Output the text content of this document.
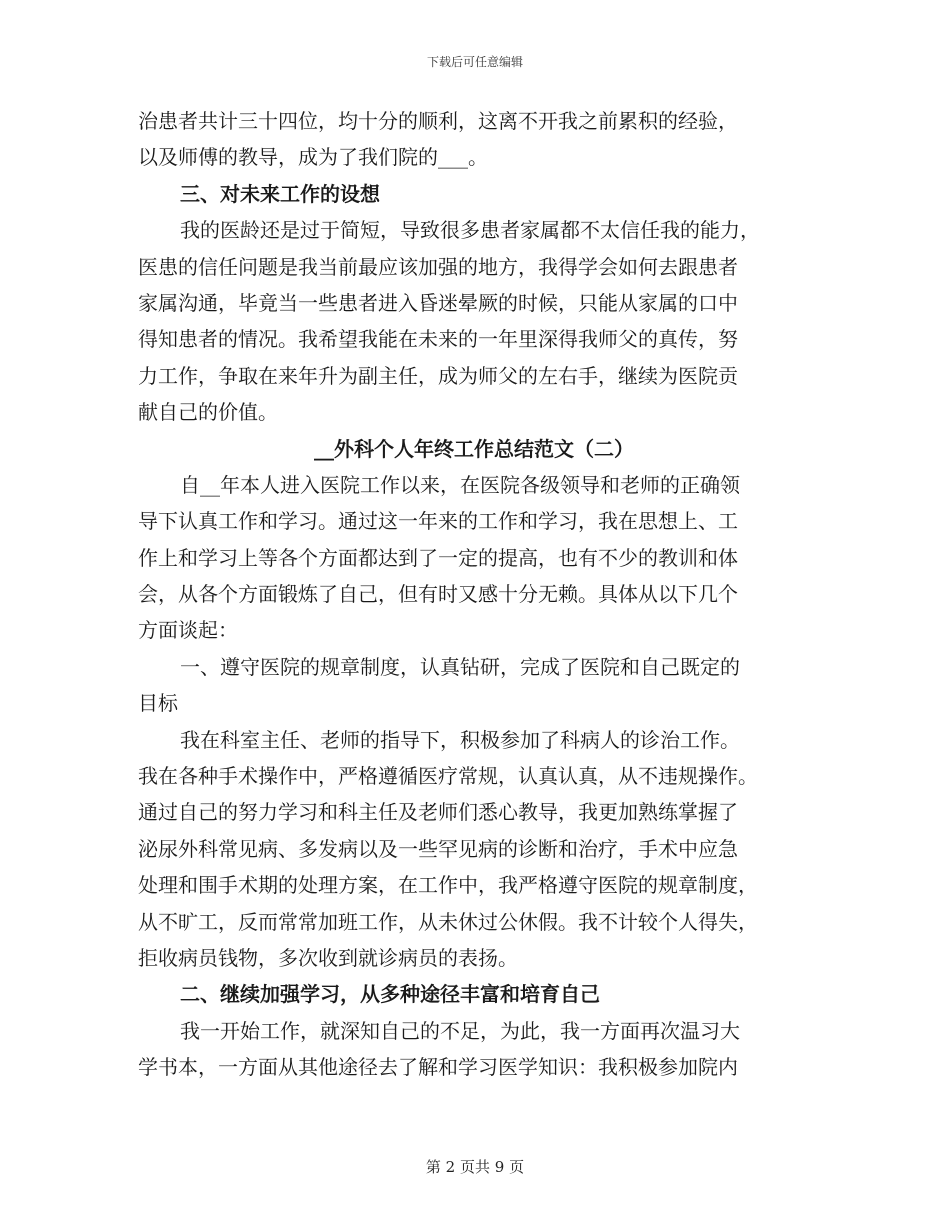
下载后可任意编辑
治患者共计三十四位，均十分的顺利，这离不开我之前累积的经验，
以及师傅的教导，成为了我们院的___。
三、对未来工作的设想
我的医龄还是过于简短，导致很多患者家属都不太信任我的能力，
医患的信任问题是我当前最应该加强的地方，我得学会如何去跟患者
家属沟通，毕竟当一些患者进入昏迷晕厥的时候，只能从家属的口中
得知患者的情况。我希望我能在未来的一年里深得我师父的真传，努
力工作，争取在来年升为副主任，成为师父的左右手，继续为医院贡
献自己的价值。
__外科个人年终工作总结范文（二）
自__年本人进入医院工作以来，在医院各级领导和老师的正确领
导下认真工作和学习。通过这一年来的工作和学习，我在思想上、工
作上和学习上等各个方面都达到了一定的提高，也有不少的教训和体
会，从各个方面锻炼了自己，但有时又感十分无赖。具体从以下几个
方面谈起：
一、遵守医院的规章制度，认真钻研，完成了医院和自己既定的
目标
我在科室主任、老师的指导下，积极参加了科病人的诊治工作。
我在各种手术操作中，严格遵循医疗常规，认真认真，从不违规操作。
通过自己的努力学习和科主任及老师们悉心教导，我更加熟练掌握了
泌尿外科常见病、多发病以及一些罕见病的诊断和治疗，手术中应急
处理和围手术期的处理方案，在工作中，我严格遵守医院的规章制度，
从不旷工，反而常常加班工作，从未休过公休假。我不计较个人得失，
拒收病员钱物，多次收到就诊病员的表扬。
二、继续加强学习，从多种途径丰富和培育自己
我一开始工作，就深知自己的不足，为此，我一方面再次温习大
学书本，一方面从其他途径去了解和学习医学知识：我积极参加院内
第 2 页共 9 页
